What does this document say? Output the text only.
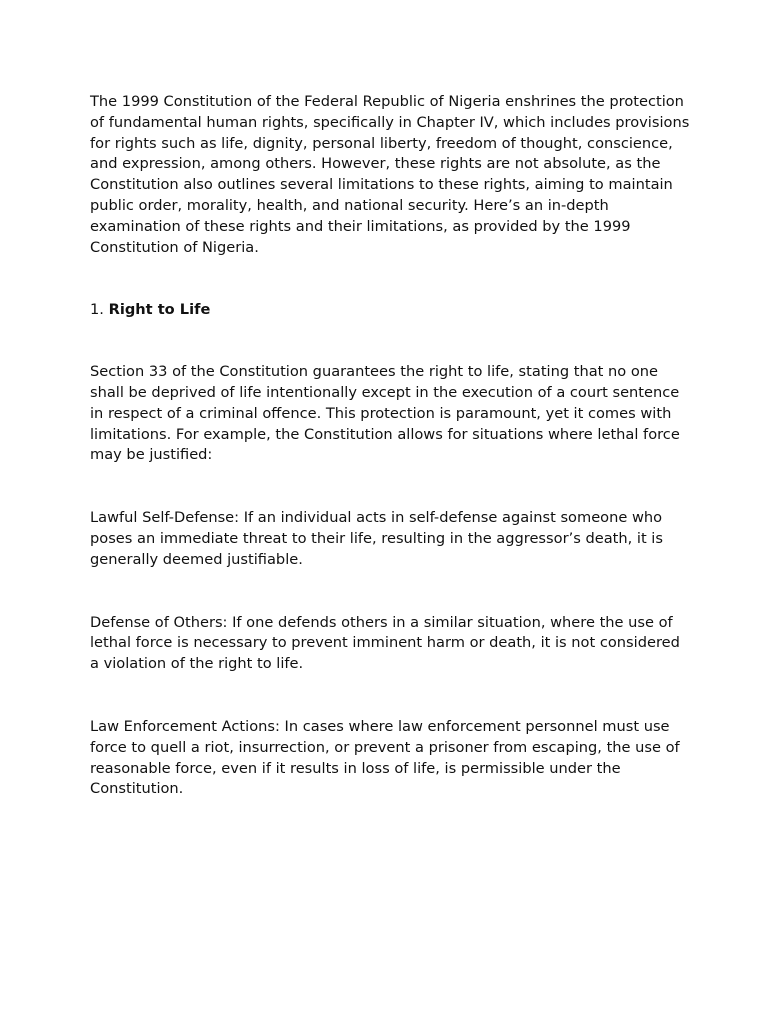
The 1999 Constitution of the Federal Republic of Nigeria enshrines the protection of fundamental human rights, specifically in Chapter IV, which includes provisions for rights such as life, dignity, personal liberty, freedom of thought, conscience, and expression, among others. However, these rights are not absolute, as the Constitution also outlines several limitations to these rights, aiming to maintain public order, morality, health, and national security. Here’s an in-depth examination of these rights and their limitations, as provided by the 1999 Constitution of Nigeria.

1. Right to Life

Section 33 of the Constitution guarantees the right to life, stating that no one shall be deprived of life intentionally except in the execution of a court sentence in respect of a criminal offence. This protection is paramount, yet it comes with limitations. For example, the Constitution allows for situations where lethal force may be justified:

Lawful Self-Defense: If an individual acts in self-defense against someone who poses an immediate threat to their life, resulting in the aggressor’s death, it is generally deemed justifiable.

Defense of Others: If one defends others in a similar situation, where the use of lethal force is necessary to prevent imminent harm or death, it is not considered a violation of the right to life.

Law Enforcement Actions: In cases where law enforcement personnel must use force to quell a riot, insurrection, or prevent a prisoner from escaping, the use of reasonable force, even if it results in loss of life, is permissible under the Constitution.
